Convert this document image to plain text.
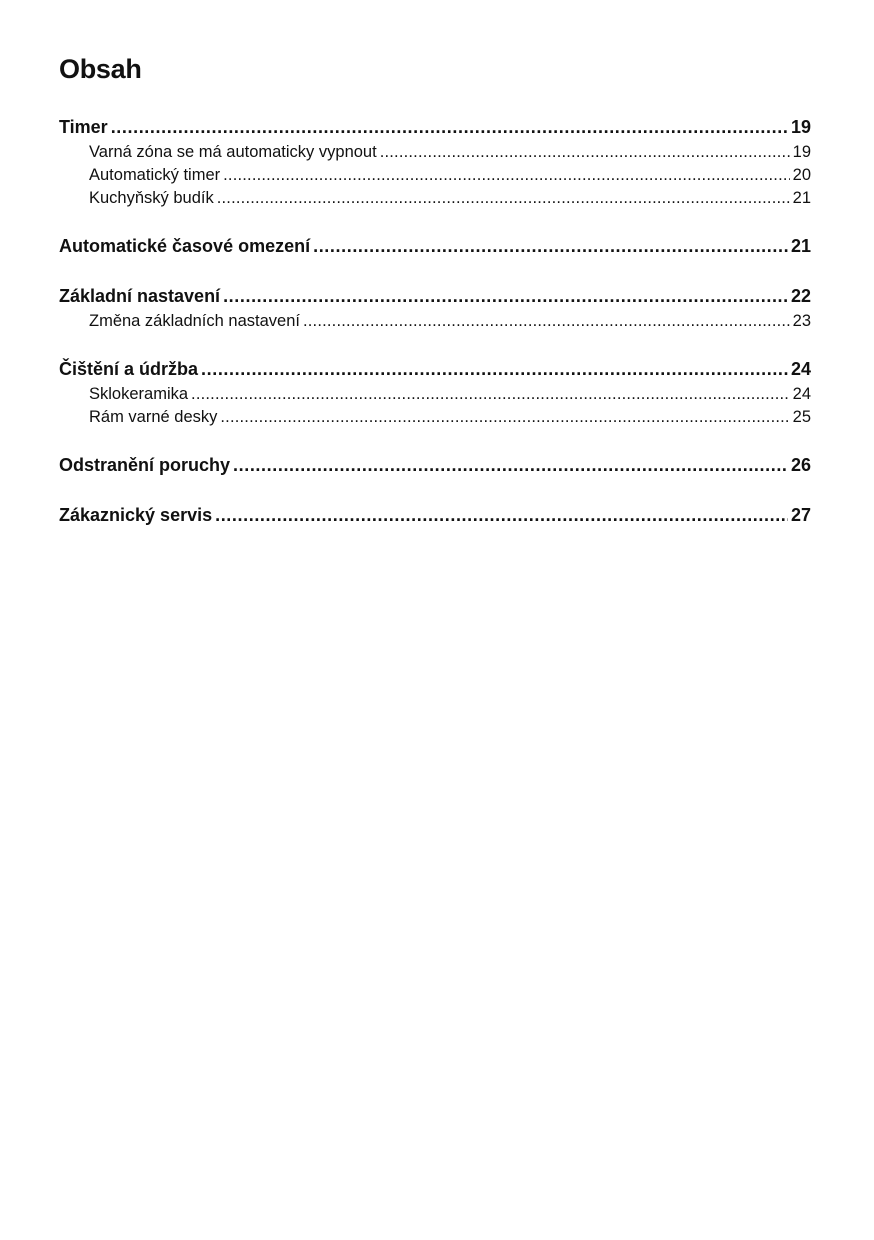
Obsah
Timer .....	19
Varná zóna se má automaticky vypnout .....	19
Automatický timer .....	20
Kuchyňský budík .....	21
Automatické časové omezení .....	21
Základní nastavení .....	22
Změna základních nastavení .....	23
Čištění a údržba .....	24
Sklokeramika .....	24
Rám varné desky .....	25
Odstranění poruchy .....	26
Zákaznický servis .....	27
